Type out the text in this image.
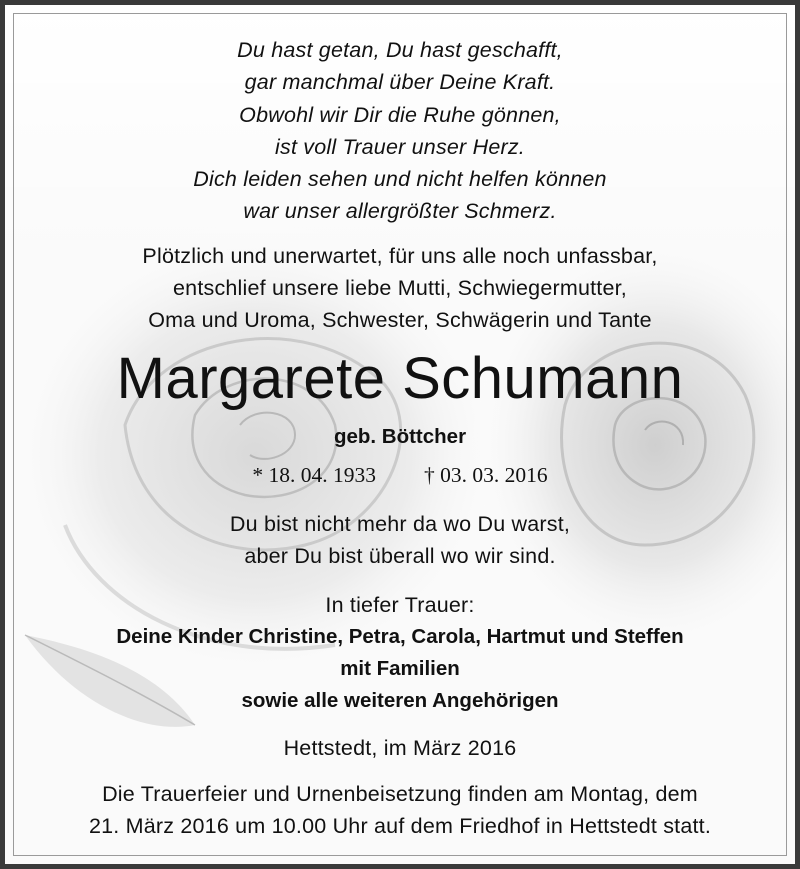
Du hast getan, Du hast geschafft,
gar manchmal über Deine Kraft.
Obwohl wir Dir die Ruhe gönnen,
ist voll Trauer unser Herz.
Dich leiden sehen und nicht helfen können
war unser allergrößter Schmerz.
Plötzlich und unerwartet, für uns alle noch unfassbar,
entschlief unsere liebe Mutti, Schwiegermutter,
Oma und Uroma, Schwester, Schwägerin und Tante
Margarete Schumann
geb. Böttcher
* 18. 04. 1933 † 03. 03. 2016
Du bist nicht mehr da wo Du warst,
aber Du bist überall wo wir sind.
In tiefer Trauer:
Deine Kinder Christine, Petra, Carola, Hartmut und Steffen
mit Familien
sowie alle weiteren Angehörigen
Hettstedt, im März 2016
Die Trauerfeier und Urnenbeisetzung finden am Montag, dem
21. März 2016 um 10.00 Uhr auf dem Friedhof in Hettstedt statt.
